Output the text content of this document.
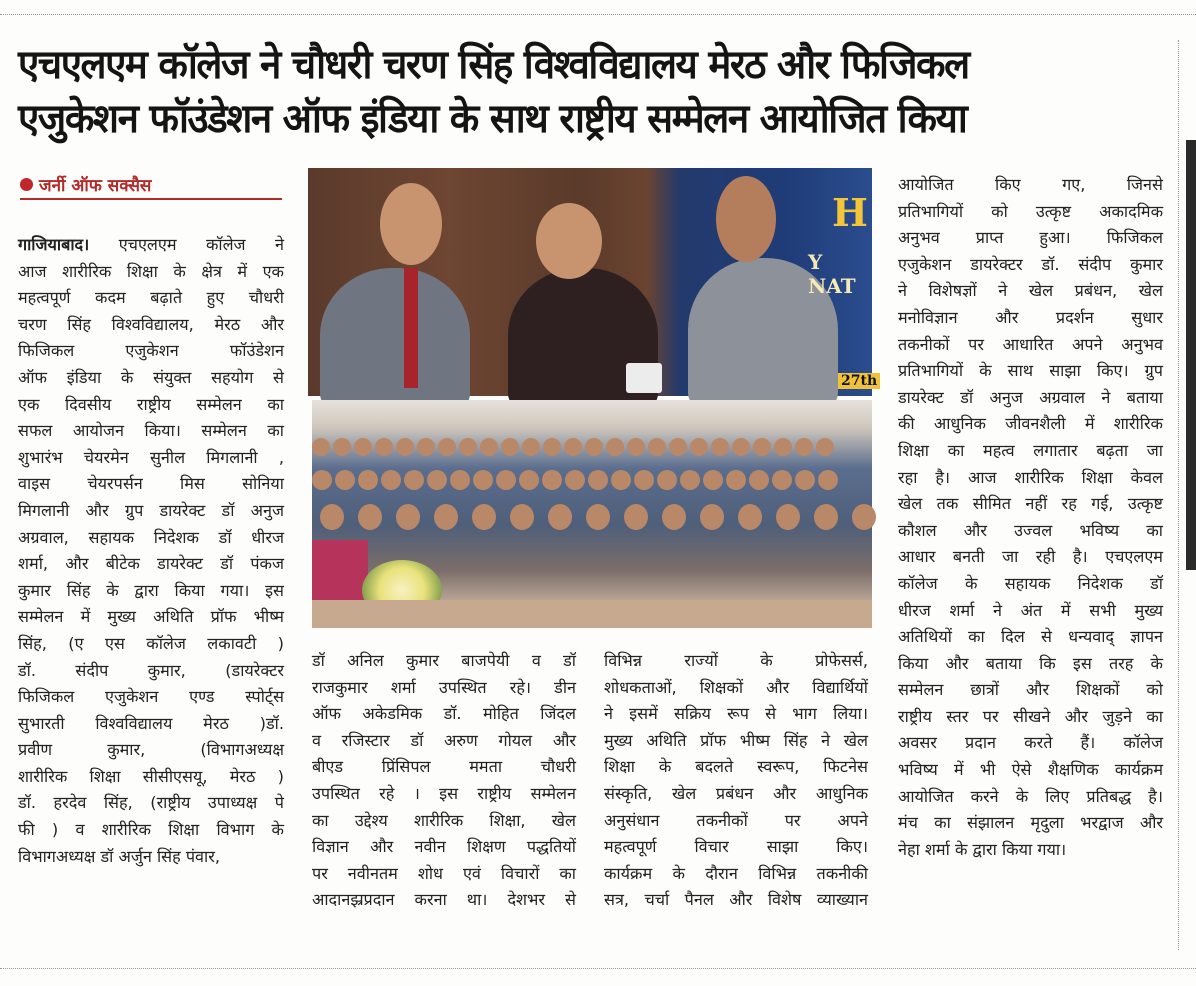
एचएलएम कॉलेज ने चौधरी चरण सिंह विश्वविद्यालय मेरठ और फिजिकल
एजुकेशन फॉउंडेशन ऑफ इंडिया के साथ राष्ट्रीय सम्मेलन आयोजित किया
जर्नी ऑफ सक्सैस
गाजियाबाद। एचएलएम कॉलेज ने
आज शारीरिक शिक्षा के क्षेत्र में एक
महत्वपूर्ण कदम बढ़ाते हुए चौधरी
चरण सिंह विश्वविद्यालय, मेरठ और
फिजिकल एजुकेशन फॉउंडेशन
ऑफ इंडिया के संयुक्त सहयोग से
एक दिवसीय राष्ट्रीय सम्मेलन का
सफल आयोजन किया। सम्मेलन का
शुभारंभ चेयरमेन सुनील मिगलानी ,
वाइस चेयरपर्सन मिस सोनिया
मिगलानी और ग्रुप डायरेक्ट डॉ अनुज
अग्रवाल, सहायक निदेशक डॉ धीरज
शर्मा, और बीटेक डायरेक्ट डॉ पंकज
कुमार सिंह के द्वारा किया गया। इस
सम्मेलन में मुख्य अथिति प्रॉफ भीष्म
सिंह, (ए एस कॉलेज लकावटी )
डॉ. संदीप कुमार, (डायरेक्टर
फिजिकल एजुकेशन एण्ड स्पोर्ट्स
सुभारती विश्वविद्यालय मेरठ )डॉ.
प्रवीण कुमार, (विभागअध्यक्ष
शारीरिक शिक्षा सीसीएसयू, मेरठ )
डॉ. हरदेव सिंह, (राष्ट्रीय उपाध्यक्ष पे
फी ) व शारीरिक शिक्षा विभाग के
विभागअध्यक्ष डॉ अर्जुन सिंह पंवार,
H
Y NAT
27th
डॉ अनिल कुमार बाजपेयी व डॉ
राजकुमार शर्मा उपस्थित रहे। डीन
ऑफ अकेडमिक डॉ. मोहित जिंदल
व रजिस्टार डॉ अरुण गोयल और
बीएड प्रिंसिपल ममता चौधरी
उपस्थित रहे । इस राष्ट्रीय सम्मेलन
का उद्देश्य शारीरिक शिक्षा, खेल
विज्ञान और नवीन शिक्षण पद्धतियों
पर नवीनतम शोध एवं विचारों का
आदानझ्रप्रदान करना था। देशभर से
विभिन्न राज्यों के प्रोफेसर्स,
शोधकताओं, शिक्षकों और विद्यार्थियों
ने इसमें सक्रिय रूप से भाग लिया।
मुख्य अथिति प्रॉफ भीष्म सिंह ने खेल
शिक्षा के बदलते स्वरूप, फिटनेस
संस्कृति, खेल प्रबंधन और आधुनिक
अनुसंधान तकनीकों पर अपने
महत्वपूर्ण विचार साझा किए।
कार्यक्रम के दौरान विभिन्न तकनीकी
सत्र, चर्चा पैनल और विशेष व्याख्यान
आयोजित किए गए, जिनसे
प्रतिभागियों को उत्कृष्ट अकादमिक
अनुभव प्राप्त हुआ। फिजिकल
एजुकेशन डायरेक्टर डॉ. संदीप कुमार
ने विशेषज्ञों ने खेल प्रबंधन, खेल
मनोविज्ञान और प्रदर्शन सुधार
तकनीकों पर आधारित अपने अनुभव
प्रतिभागियों के साथ साझा किए। ग्रुप
डायरेक्ट डॉ अनुज अग्रवाल ने बताया
की आधुनिक जीवनशैली में शारीरिक
शिक्षा का महत्व लगातार बढ़ता जा
रहा है। आज शारीरिक शिक्षा केवल
खेल तक सीमित नहीं रह गई, उत्कृष्ट
कौशल और उज्वल भविष्य का
आधार बनती जा रही है। एचएलएम
कॉलेज के सहायक निदेशक डॉ
धीरज शर्मा ने अंत में सभी मुख्य
अतिथियों का दिल से धन्यवाद् ज्ञापन
किया और बताया कि इस तरह के
सम्मेलन छात्रों और शिक्षकों को
राष्ट्रीय स्तर पर सीखने और जुड़ने का
अवसर प्रदान करते हैं। कॉलेज
भविष्य में भी ऐसे शैक्षणिक कार्यक्रम
आयोजित करने के लिए प्रतिबद्ध है।
मंच का संझालन मृदुला भरद्वाज और
नेहा शर्मा के द्वारा किया गया।
